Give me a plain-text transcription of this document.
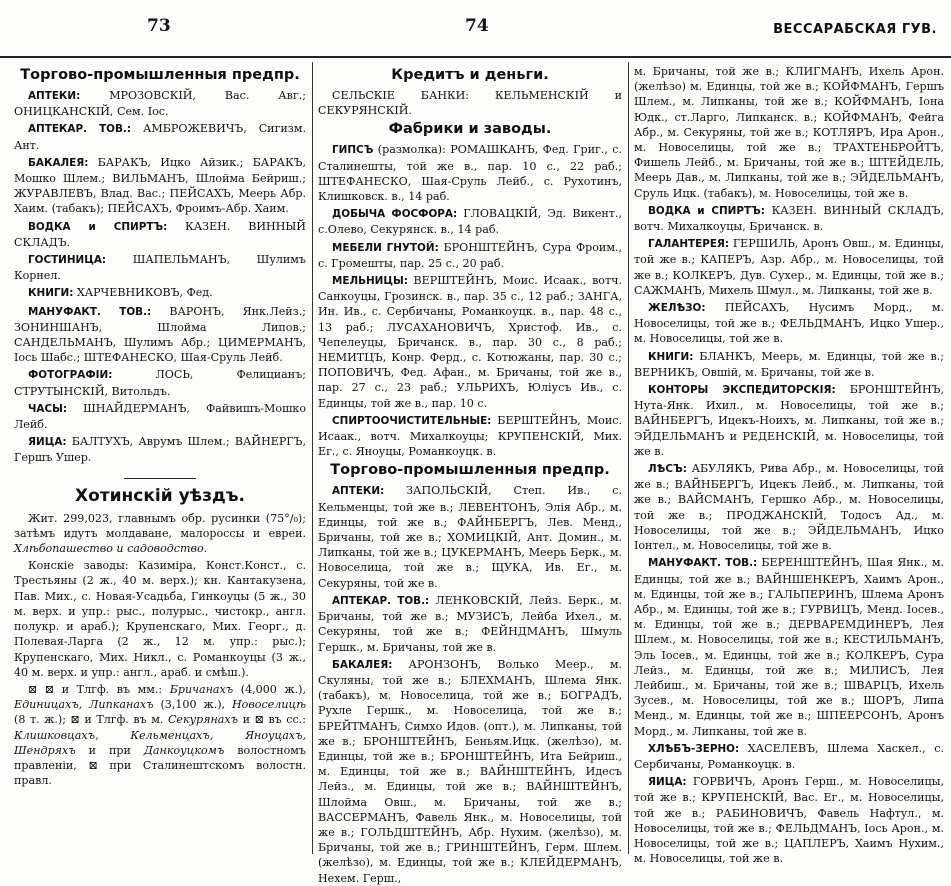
73	74	ВЕССАРАБСКАЯ ГУВ.
Торгово-промышленныя предпр.

АПТЕКИ: МРОЗОВСКІЙ, Вас. Авг.; ОНИЦКАНСКІЙ, Сем. Іос.

АПТЕКАР. ТОВ.: АМБРОЖЕВИЧЪ, Сигизм. Ант.

БАКАЛЕЯ: БАРАКЪ, Ицко Айзик.; БАРАКЪ, Мошко Шлем.; ВИЛЬМАНЪ, Шлойма Бейриш.; ЖУРАВЛЕВЪ, Влад. Вас.; ПЕЙСАХЪ, Меерь Абр. Хаим. (табакъ); ПЕЙСАХЪ, Фроимъ-Абр. Хаим.

ВОДКА и СПИРТЪ: КАЗЕН. ВИННЫЙ СКЛАДЪ.

ГОСТИНИЦА: ШАПЕЛЬМАНЪ, Шулимъ Корнел.

КНИГИ: ХАРЧЕВНИКОВЪ, Фед.

МАНУФАКТ. ТОВ.: ВАРОНЪ, Янк.Лейз.; ЗОНИНШАНЪ, Шлойма Липов.; САНДЕЛЬМАНЪ, Шулимъ Абр.; ЦИМЕРМАНЪ, Іось Шабс.; ШТЕФАНЕСКО, Шая-Сруль Лейб.

ФОТОГРАФІИ: ЛОСЬ, Фелицианъ; СТРУТЫНСКІЙ, Витольдъ.

ЧАСЫ: ШНАЙДЕРМАНЪ, Файвишъ-Мошко Лейб.

ЯИЦА: БАЛТУХЪ, Аврумъ Шлем.; ВАЙНЕРГЪ, Гершъ Ушер.

Хотинскій уѣздъ.

Жит. 299,023, главнымъ обр. русинки (75°/₀); затѣмъ идутъ молдаване, малороссы и евреи. Хлѣбопашество и садоводство.

Конскіе заводы: Казиміра, Конст.Конст., с. Трестьяны (2 ж., 40 м. верх.); кн. Кантакузена, Пав. Мих., с. Новая-Усадьба, Гинкоуцы (5 ж., 30 м. верх. и упр.: рыс., полурыс., чистокр., англ. полукр. и араб.); Крупенскаго, Мих. Георг., д. Полевая-Ларга (2 ж., 12 м. упр.: рыс.); Крупенскаго, Мих. Никл., с. Романкоуцы (3 ж., 40 м. верх. и упр.: англ., араб. и смѣш.).

⊠ ⊠ и Тлгф. въ мм.: Бричанахъ (4,000 ж.), Единицахъ, Липканахъ (3,100 ж.), Новоселицѣ (8 т. ж.); ⊠ и Тлгф. въ м. Секурянахъ и ⊠ въ сс.: Клишковцахъ, Кельменцахъ, Яноуцахъ, Шендряхъ и при Данкоуцкомъ волостномъ правленіи, ⊠ при Сталинештскомъ волостн. правл.

Кредитъ и деньги.

СЕЛЬСКІЕ БАНКИ: КЕЛЬМЕНСКІЙ и СЕКУРЯНСКІЙ.

Фабрики и заводы.

ГИПСЪ (размолка): РОМАШКАНЪ, Фед. Григ., с. Сталинешты, той же в., пар. 10 с., 22 раб.; ШТЕФАНЕСКО, Шая-Сруль Лейб., с. Рухотинъ, Клишковск. в., 14 раб.

ДОБЫЧА ФОСФОРА: ГЛОВАЦКІЙ, Эд. Викент., с.Олево, Секурянск. в., 14 раб.

МЕБЕЛИ ГНУТОЙ: БРОНШТЕЙНЪ, Сура Фроим., с. Громешты, пар. 25 с., 20 раб.

МЕЛЬНИЦЫ: ВЕРШТЕЙНЪ, Моис. Исаак., вотч. Санкоуцы, Грозинск. в., пар. 35 с., 12 раб.; ЗАНГА, Ин. Ив., с. Сербичаны, Романкоуцк. в., пар. 48 с., 13 раб.; ЛУСАХАНОВИЧЪ, Христоф. Ив., с. Чепелеуцы, Бричанск. в., пар. 30 с., 8 раб.; НЕМИТЦЪ, Конр. Ферд., с. Котюжаны, пар. 30 с.; ПОПОВИЧЪ, Фед. Афан., м. Бричаны, той же в., пар. 27 с., 23 раб.; УЛЬРИХЪ, Юліусъ Ив., с. Единцы, той же в., пар. 10 с.

СПИРТООЧИСТИТЕЛЬНЫЕ: БЕРШТЕЙНЪ, Моис. Исаак., вотч. Михалкоуцы; КРУПЕНСКІЙ, Мих. Ег., с. Яноуцы, Романкоуцк. в.

Торгово-промышленныя предпр.

АПТЕКИ: ЗАПОЛЬСКІЙ, Степ. Ив., с. Кельменцы, той же в.; ЛЕВЕНТОНЪ, Элія Абр., м. Единцы, той же в.; ФАЙНБЕРГЪ, Лев. Менд., Бричаны, той же в.; ХОМИЦКІЙ, Ант. Домин., м. Липканы, той же в.; ЦУКЕРМАНЪ, Меерь Берк., м. Новоселица, той же в.; ЩУКА, Ив. Ег., м. Секуряны, той же в.

АПТЕКАР. ТОВ.: ЛЕНКОВСКІЙ, Лейз. Берк., м. Бричаны, той же в.; МУЗИСЪ, Лейба Ихел., м. Секуряны, той же в.; ФЕЙНДМАНЪ, Шмуль Гершк., м. Бричаны, той же в.

БАКАЛЕЯ: АРОНЗОНЪ, Волько Меер., м. Скуляны, той же в.; БЛЕХМАНЪ, Шлема Янк. (табакъ), м. Новоселица, той же в.; БОГРАДЪ, Рухле Гершк., м. Новоселица, той же в.; БРЕЙТМАНЪ, Симхо Идов. (опт.), м. Липканы, той же в.; БРОНШТЕЙНЪ, Беньям.Ицк. (желѣзо), м. Единцы, той же в.; БРОНШТЕЙНЪ, Ита Бейриш., м. Единцы, той же в.; ВАЙНШТЕЙНЪ, Идесъ Лейз., м. Единцы, той же в.; ВАЙНШТЕЙНЪ, Шлойма Овш., м. Бричаны, той же в.; ВАССЕРМАНЪ, Фавель Янк., м. Новоселицы, той же в.; ГОЛЬДШТЕЙНЪ, Абр. Нухим. (желѣзо), м. Бричаны, той же в.; ГРИНШТЕЙНЪ, Герм. Шлем. (желѣзо), м. Единцы, той же в.; КЛЕЙДЕРМАНЪ, Нехем. Герш.,

м. Бричаны, той же в.; КЛИГМАНЪ, Ихель Арон. (желѣзо) м. Единцы, той же в.; КОЙФМАНЪ, Гершъ Шлем., м. Липканы, той же в.; КОЙФМАНЪ, Іона Юдк., ст.Ларго, Липканск. в.; КОЙФМАНЪ, Фейга Абр., м. Секуряны, той же в.; КОТЛЯРЪ, Ира Арон., м. Новоселицы, той же в.; ТРАХТЕНБРОЙТЪ, Фишель Лейб., м. Бричаны, той же в.; ШТЕЙДЕЛЬ, Меерь Дав., м. Липканы, той же в.; ЭЙДЕЛЬМАНЪ, Сруль Ицк. (табакъ), м. Новоселицы, той же в.

ВОДКА и СПИРТЪ: КАЗЕН. ВИННЫЙ СКЛАДЪ, вотч. Михалкоуцы, Бричанск. в.

ГАЛАНТЕРЕЯ: ГЕРШИЛЬ, Аронъ Овш., м. Единцы, той же в.; КАПЕРЪ, Азр. Абр., м. Новоселицы, той же в.; КОЛКЕРЪ, Дув. Сухер., м. Единцы, той же в.; САЖМАНЪ, Михель Шмул., м. Липканы, той же в.

ЖЕЛѢЗО: ПЕЙСАХЪ, Нусимъ Морд., м. Новоселицы, той же в.; ФЕЛЬДМАНЪ, Ицко Ушер., м. Новоселицы, той же в.

КНИГИ: БЛАНКЪ, Меерь, м. Единцы, той же в.; ВЕРНИКЪ, Овшій, м. Бричаны, той же в.

КОНТОРЫ ЭКСПЕДИТОРСКІЯ: БРОНШТЕЙНЪ, Нута-Янк. Ихил., м. Новоселицы, той же в.; ВАЙНБЕРГЪ, Ицекъ-Ноихъ, м. Липканы, той же в.; ЭЙДЕЛЬМАНЪ и РЕДЕНСКІЙ, м. Новоселицы, той же в.

ЛѢСЪ: АБУЛЯКЪ, Рива Абр., м. Новоселицы, той же в.; ВАЙНБЕРГЪ, Ицекъ Лейб., м. Липканы, той же в.; ВАЙСМАНЪ, Гершко Абр., м. Новоселицы, той же в.; ПРОДЖАНСКІЙ, Тодосъ Ад., м. Новоселицы, той же в.; ЭЙДЕЛЬМАНЪ, Ицко Іонтел., м. Новоселицы, той же в.

МАНУФАКТ. ТОВ.: БЕРЕНШТЕЙНЪ, Шая Янк., м. Единцы, той же в.; ВАЙНШЕНКЕРЪ, Хаимъ Арон., м. Единцы, той же в.; ГАЛЬПЕРИНЪ, Шлема Аронъ Абр., м. Единцы, той же в.; ГУРВИЦЪ, Менд. Іосев., м. Единцы, той же в.; ДЕРВАРЕМДИНЕРЪ, Лея Шлем., м. Новоселицы, той же в.; КЕСТИЛЬМАНЪ, Эль Іосев., м. Единцы, той же в.; КОЛКЕРЪ, Сура Лейз., м. Единцы, той же в.; МИЛИСЪ, Лея Лейбиш., м. Бричаны, той же в.; ШВАРЦЪ, Ихель Зусев., м. Новоселицы, той же в.; ШОРЪ, Липа Менд., м. Единцы, той же в.; ШПЕЕРСОНЪ, Аронъ Морд., м. Липканы, той же в.

ХЛѢБЪ-ЗЕРНО: ХАСЕЛЕВЪ, Шлема Хаскел., с. Сербичаны, Романкоуцк. в.

ЯИЦА: ГОРВИЧЪ, Аронъ Герш., м. Новоселицы, той же в.; КРУПЕНСКІЙ, Вас. Ег., м. Новоселицы, той же в.; РАБИНОВИЧЪ, Фавель Нафтул., м. Новоселицы, той же в.; ФЕЛЬДМАНЪ, Іось Арон., м. Новоселицы, той же в.; ЦАПЛЕРЪ, Хаимъ Нухим., м. Новоселицы, той же в.
